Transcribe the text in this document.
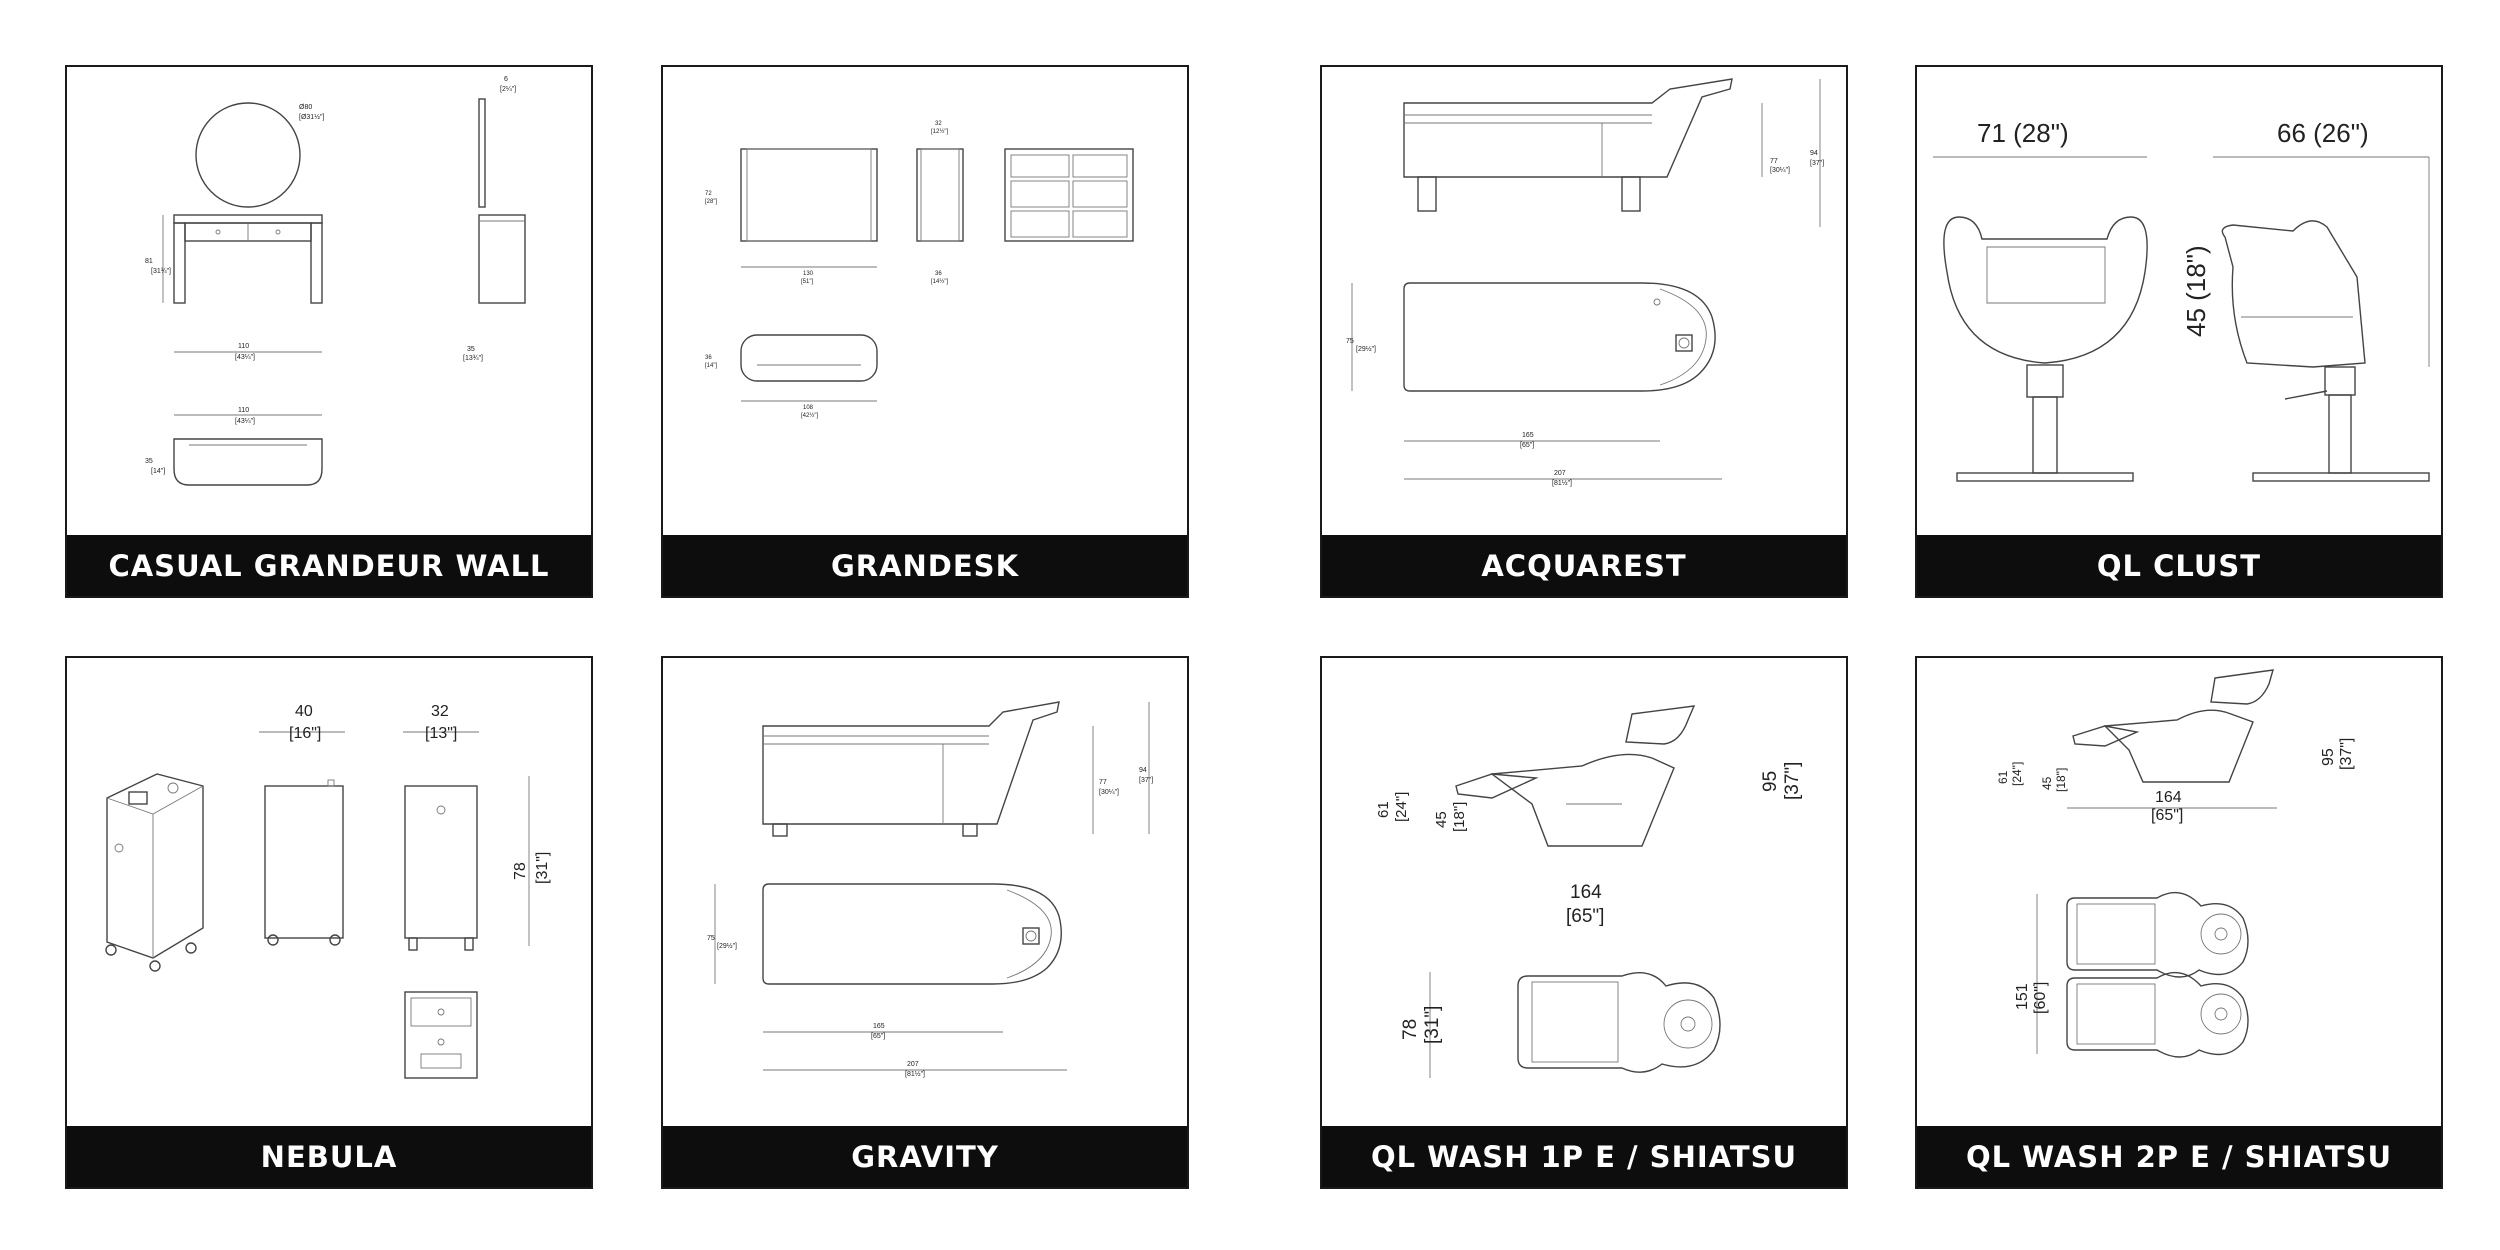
Ø80
[Ø31½"]
81
[31¾"]
110
[43¼"]
6
[2¼"]
35
[13¾"]
110
[43¼"]
35
[14"]
CASUAL GRANDEUR WALL
72
[28"]
130
[51"]
32
[12½"]
36
[14½"]
36
[14"]
108
[42½"]
GRANDESK
77
[30¼"]
94
[37"]
75
[29½"]
165
[65"]
207
[81½"]
ACQUAREST
71 (28")	66 (26")
45 (18")
QL CLUST
40
[16"]
32
[13"]
78 [31"]
NEBULA
77
[30¼"]
94
[37"]
75
[29½"]
165
[65"]
207
[81½"]
GRAVITY
61 [24"] 45 [18"]
95 [37"]
164
[65"]
78 [31"]
QL WASH 1P E / SHIATSU
61 [24"] 45 [18"]
95 [37"]
164
[65"]
151 [60"]
QL WASH 2P E / SHIATSU
